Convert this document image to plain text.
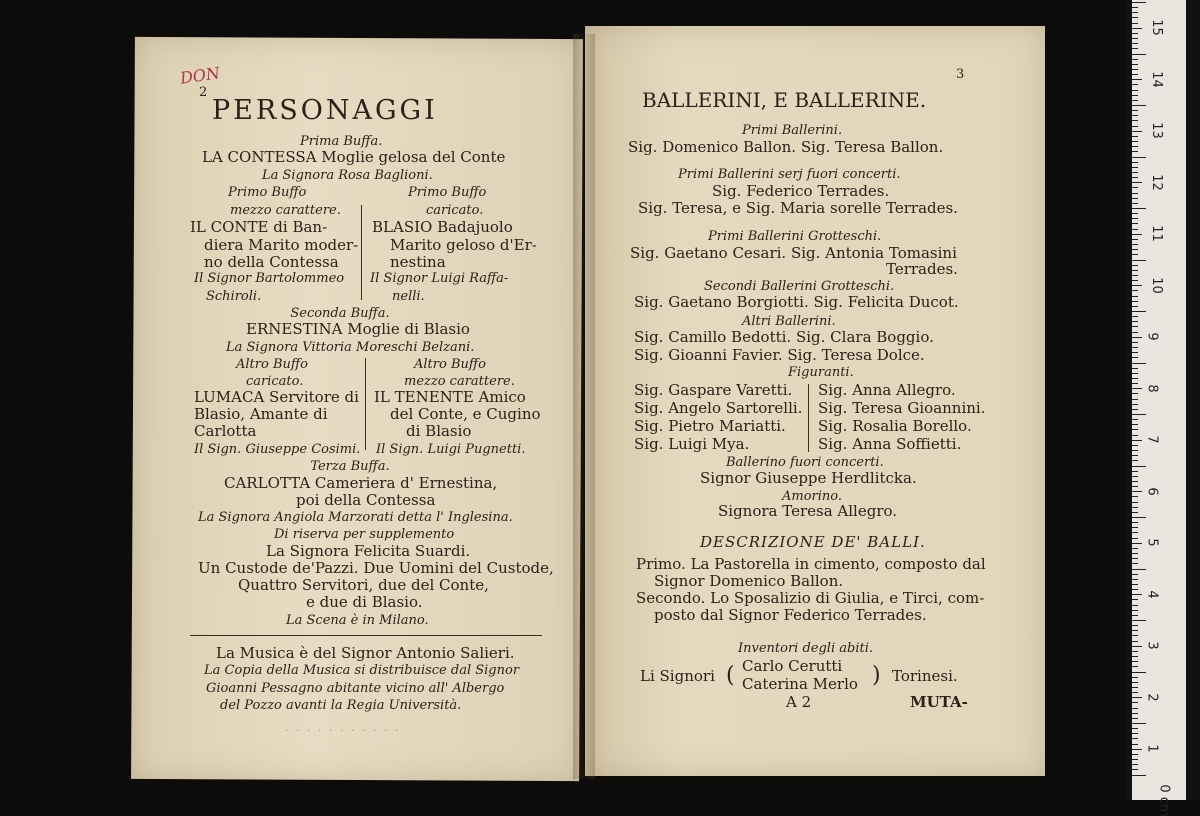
DON
2
PERSONAGGI
Prima Buffa.
LA CONTESSA Moglie gelosa del Conte
La Signora Rosa Baglioni.
Primo Buffo
mezzo carattere.
IL CONTE di Ban-
diera Marito moder-
no della Contessa
Il Signor Bartolommeo
Schiroli.
Primo Buffo
caricato.
BLASIO Badajuolo
Marito geloso d'Er-
nestina
Il Signor Luigi Raffa-
nelli.
Seconda Buffa.
ERNESTINA Moglie di Blasio
La Signora Vittoria Moreschi Belzani.
Altro Buffo
caricato.
LUMACA Servitore di
Blasio, Amante di
Carlotta
Il Sign. Giuseppe Cosimi.
Altro Buffo
mezzo carattere.
IL TENENTE Amico
del Conte, e Cugino
di Blasio
Il Sign. Luigi Pugnetti.
Terza Buffa.
CARLOTTA Cameriera d' Ernestina,
poi della Contessa
La Signora Angiola Marzorati detta l' Inglesina.
Di riserva per supplemento
La Signora Felicita Suardi.
Un Custode de'Pazzi. Due Uomini del Custode,
Quattro Servitori, due del Conte,
e due di Blasio.
La Scena è in Milano.
La Musica è del Signor Antonio Salieri.
La Copia della Musica si distribuisce dal Signor
Gioanni Pessagno abitante vicino all' Albergo
del Pozzo avanti la Regia Università.
· · · · · · · · · · ·
3
BALLERINI, E BALLERINE.
Primi Ballerini.
Sig. Domenico Ballon. Sig. Teresa Ballon.
Primi Ballerini serj fuori concerti.
Sig. Federico Terrades.
Sig. Teresa, e Sig. Maria sorelle Terrades.
Primi Ballerini Grotteschi.
Sig. Gaetano Cesari. Sig. Antonia Tomasini
Terrades.
Secondi Ballerini Grotteschi.
Sig. Gaetano Borgiotti. Sig. Felicita Ducot.
Altri Ballerini.
Sig. Camillo Bedotti. Sig. Clara Boggio.
Sig. Gioanni Favier. Sig. Teresa Dolce.
Figuranti.
Sig. Gaspare Varetti.
Sig. Angelo Sartorelli.
Sig. Pietro Mariatti.
Sig. Luigi Mya.
Sig. Anna Allegro.
Sig. Teresa Gioannini.
Sig. Rosalia Borello.
Sig. Anna Soffietti.
Ballerino fuori concerti.
Signor Giuseppe Herdlitcka.
Amorino.
Signora Teresa Allegro.
DESCRIZIONE DE' BALLI.
Primo. La Pastorella in cimento, composto dal
Signor Domenico Ballon.
Secondo. Lo Sposalizio di Giulia, e Tirci, com-
posto dal Signor Federico Terrades.
Inventori degli abiti.
Li Signori ( Carlo Cerutti
Caterina Merlo ) Torinesi.
A 2	MUTA-
15
14
13
12
11
10
9
8
7
6
5
4
3
2
1
0 cm
